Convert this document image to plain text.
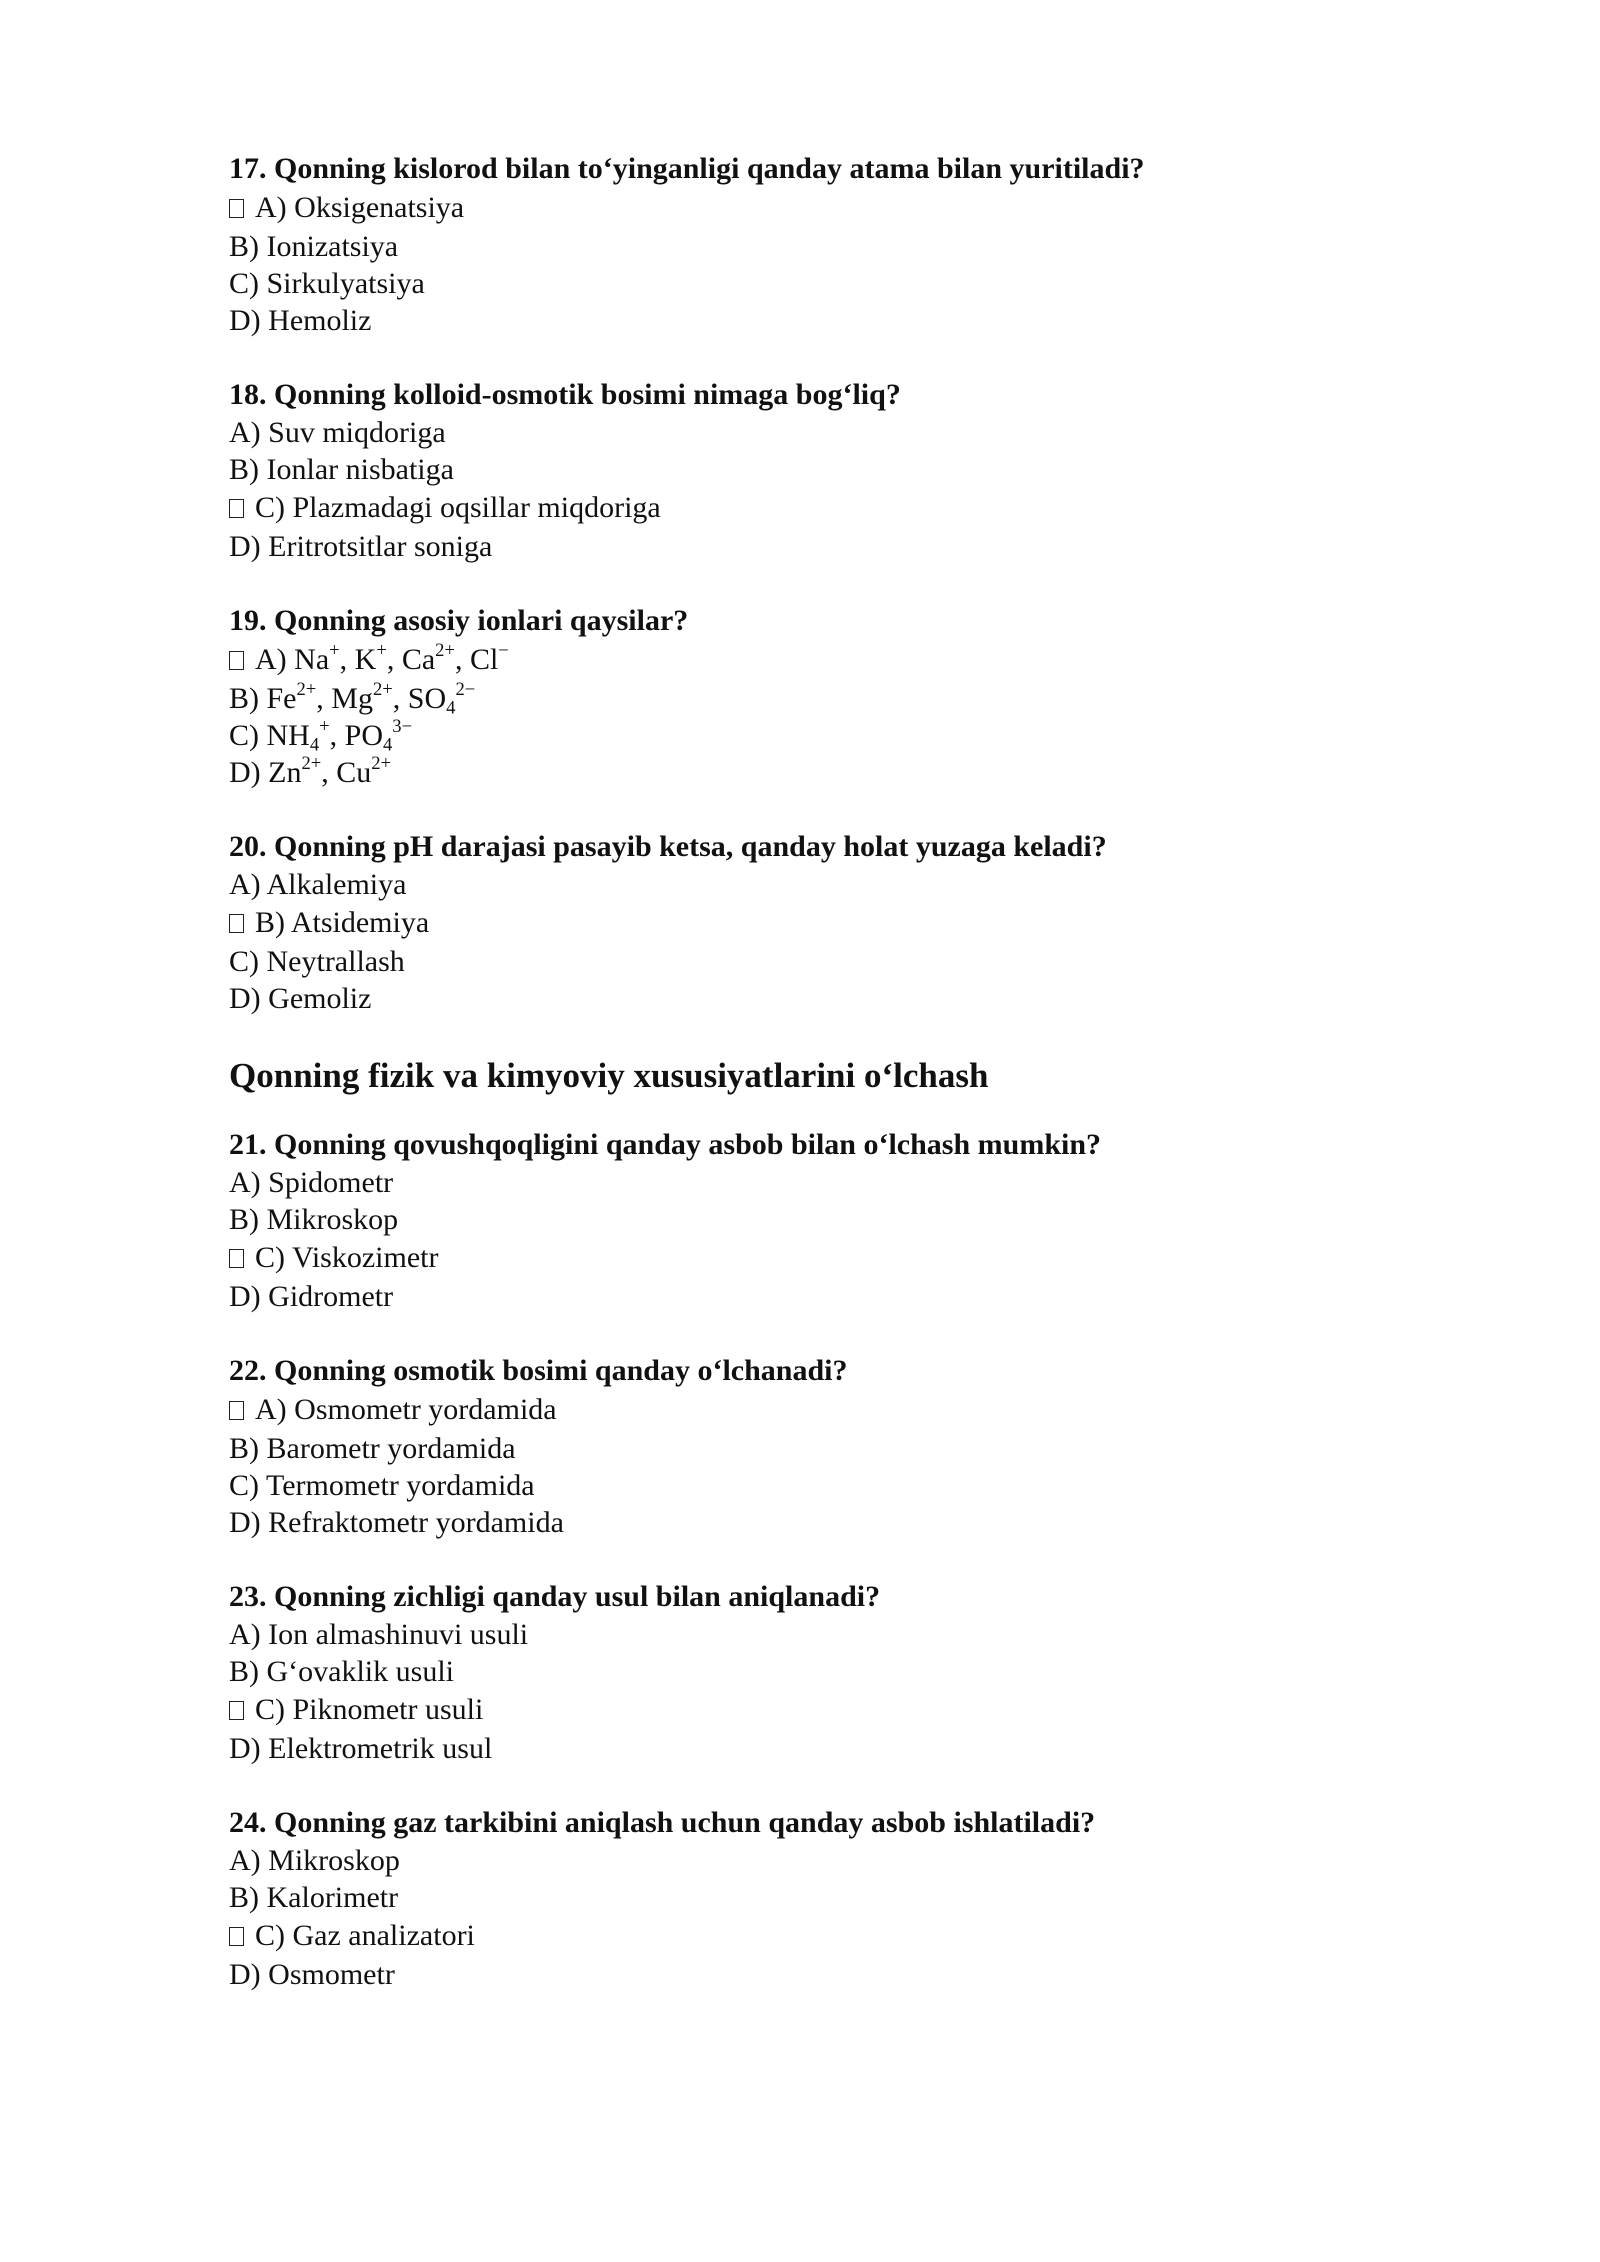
17. Qonning kislorod bilan to‘yinganligi qanday atama bilan yuritiladi?

A) Oksigenatsiya

B) Ionizatsiya

C) Sirkulyatsiya

D) Hemoliz

18. Qonning kolloid-osmotik bosimi nimaga bog‘liq?

A) Suv miqdoriga

B) Ionlar nisbatiga

C) Plazmadagi oqsillar miqdoriga

D) Eritrotsitlar soniga

19. Qonning asosiy ionlari qaysilar?

A) Na+, K+, $Ca^{2+}$, Cl−

B) $Fe^{2+}$, $Mg^{2+}$, $SO_4^{2-}$

C) $NH_4^+$, $PO_4^{3-}$

D) $Zn^{2+}$, $Cu^{2+}$

20. Qonning pH darajasi pasayib ketsa, qanday holat yuzaga keladi?

A) Alkalemiya

B) Atsidemiya

C) Neytrallash

D) Gemoliz

Qonning fizik va kimyoviy xususiyatlarini o‘lchash

21. Qonning qovushqoqligini qanday asbob bilan o‘lchash mumkin?

A) Spidometr

B) Mikroskop

C) Viskozimetr

D) Gidrometr

22. Qonning osmotik bosimi qanday o‘lchanadi?

A) Osmometr yordamida

B) Barometr yordamida

C) Termometr yordamida

D) Refraktometr yordamida

23. Qonning zichligi qanday usul bilan aniqlanadi?

A) Ion almashinuvi usuli

B) G‘ovaklik usuli

C) Piknometr usuli

D) Elektrometrik usul

24. Qonning gaz tarkibini aniqlash uchun qanday asbob ishlatiladi?

A) Mikroskop

B) Kalorimetr

C) Gaz analizatori

D) Osmometr
